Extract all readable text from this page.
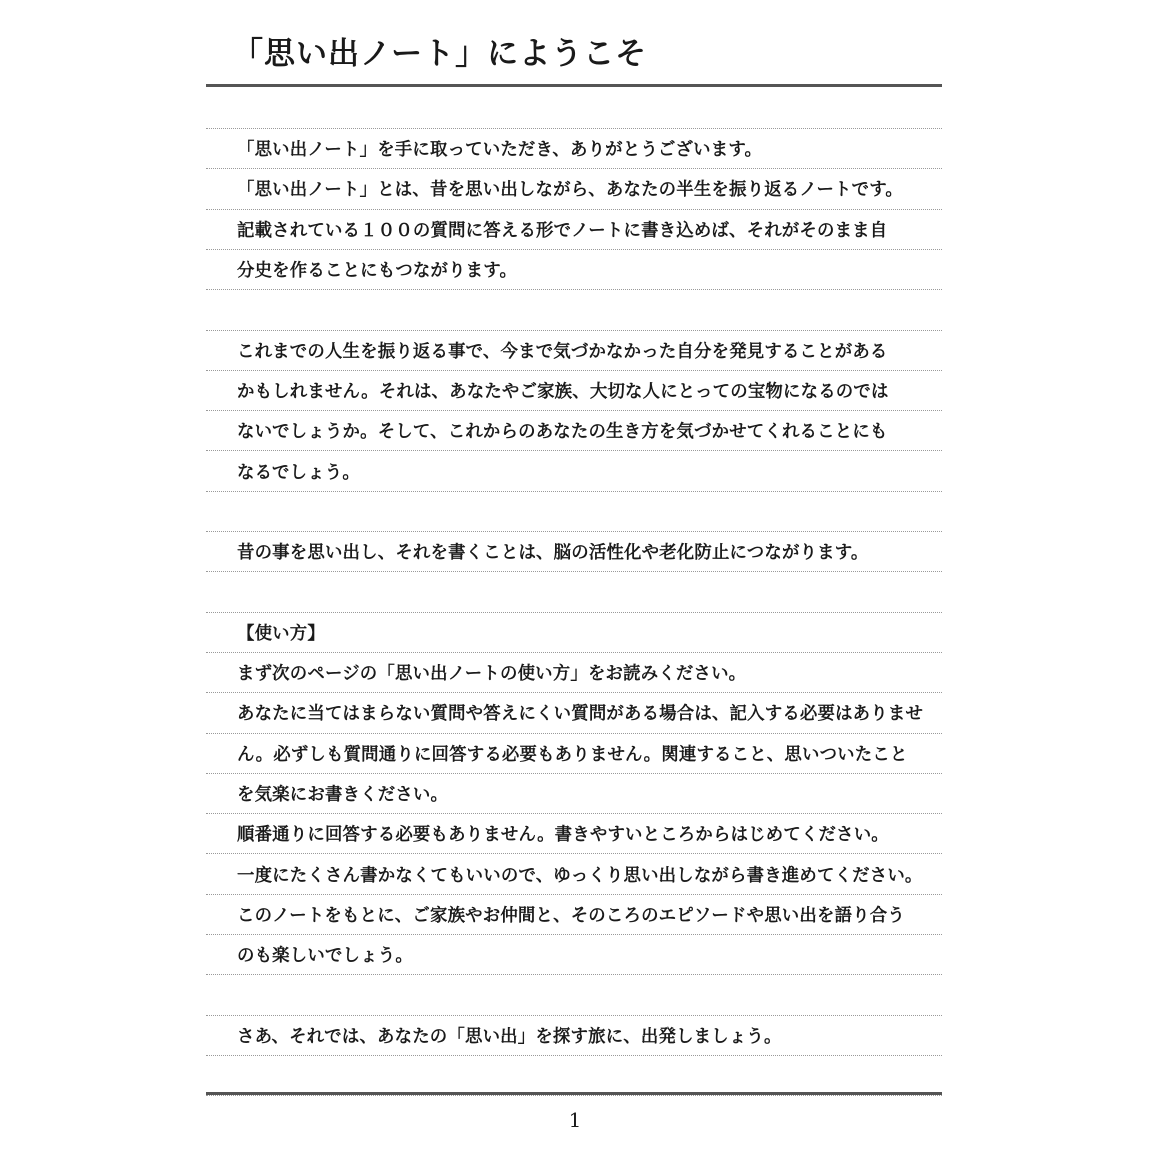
「思い出ノート」にようこそ
「思い出ノート」を手に取っていただき、ありがとうございます。
「思い出ノート」とは、昔を思い出しながら、あなたの半生を振り返るノートです。
記載されている１００の質問に答える形でノートに書き込めば、それがそのまま自
分史を作ることにもつながります。
これまでの人生を振り返る事で、今まで気づかなかった自分を発見することがある
かもしれません。それは、あなたやご家族、大切な人にとっての宝物になるのでは
ないでしょうか。そして、これからのあなたの生き方を気づかせてくれることにも
なるでしょう。
昔の事を思い出し、それを書くことは、脳の活性化や老化防止につながります。
【使い方】
まず次のページの「思い出ノートの使い方」をお読みください。
あなたに当てはまらない質問や答えにくい質問がある場合は、記入する必要はありませ
ん。必ずしも質問通りに回答する必要もありません。関連すること、思いついたこと
を気楽にお書きください。
順番通りに回答する必要もありません。書きやすいところからはじめてください。
一度にたくさん書かなくてもいいので、ゆっくり思い出しながら書き進めてください。
このノートをもとに、ご家族やお仲間と、そのころのエピソードや思い出を語り合う
のも楽しいでしょう。
さあ、それでは、あなたの「思い出」を探す旅に、出発しましょう。
1
